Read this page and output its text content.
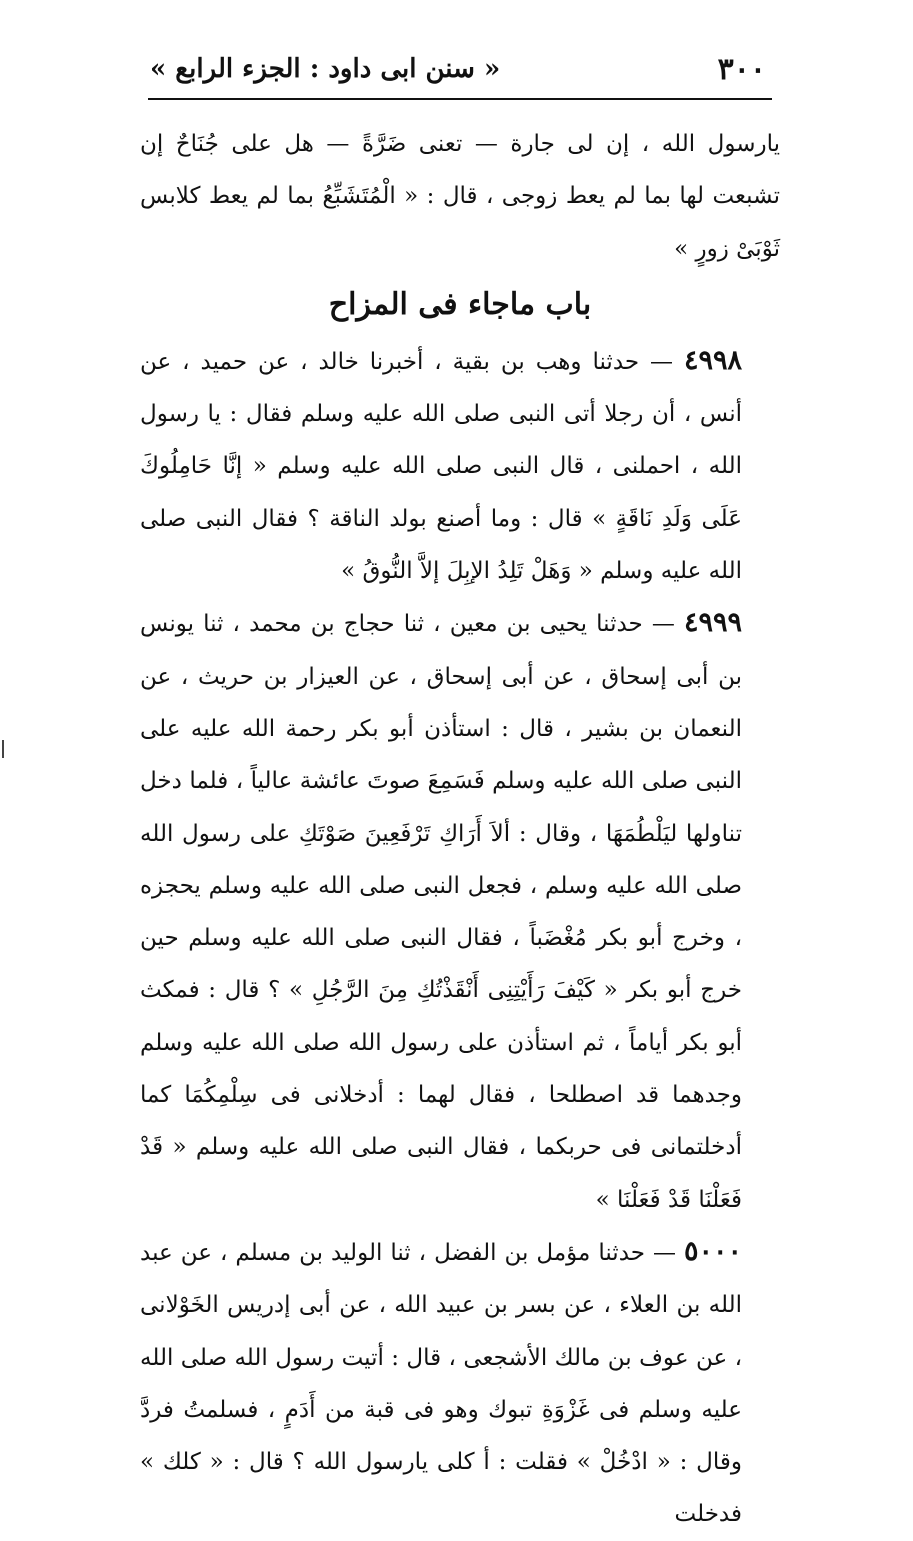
٣٠٠
« سنن ابى داود : الجزء الرابع »

يارسول الله ، إن لى جارة — تعنى ضَرَّةً — هل على جُنَاحٌ إن تشبعت لها بما لم يعط زوجى ، قال : « الْمُتَشَبِّعُ بما لم يعط كلابس ثَوْبَىْ زورٍ »

باب ماجاء فى المزاح

٤٩٩٨ — حدثنا وهب بن بقية ، أخبرنا خالد ، عن حميد ، عن أنس ، أن رجلا أتى النبى صلى الله عليه وسلم فقال : يا رسول الله ، احملنى ، قال النبى صلى الله عليه وسلم « إنَّا حَامِلُوكَ عَلَى وَلَدِ نَاقَةٍ » قال : وما أصنع بولد الناقة ؟ فقال النبى صلى الله عليه وسلم « وَهَلْ تَلِدُ الإبِلَ إلاَّ النُّوقُ »

٤٩٩٩ — حدثنا يحيى بن معين ، ثنا حجاج بن محمد ، ثنا يونس بن أبى إسحاق ، عن أبى إسحاق ، عن العيزار بن حريث ، عن النعمان بن بشير ، قال : استأذن أبو بكر رحمة الله عليه على النبى صلى الله عليه وسلم فَسَمِعَ صوتَ عائشة عالياً ، فلما دخل تناولها ليَلْطُمَهَا ، وقال : ألاَ أَرَاكِ تَرْفَعِينَ صَوْتَكِ على رسول الله صلى الله عليه وسلم ، فجعل النبى صلى الله عليه وسلم يحجزه ، وخرج أبو بكر مُغْضَباً ، فقال النبى صلى الله عليه وسلم حين خرج أبو بكر « كَيْفَ رَأَيْتِنِى أَنْقَذْتُكِ مِنَ الرَّجُلِ » ؟ قال : فمكث أبو بكر أياماً ، ثم استأذن على رسول الله صلى الله عليه وسلم وجدهما قد اصطلحا ، فقال لهما : أدخلانى فى سِلْمِكُمَا كما أدخلتمانى فى حربكما ، فقال النبى صلى الله عليه وسلم « قَدْ فَعَلْنَا قَدْ فَعَلْنَا »

٥٠٠٠ — حدثنا مؤمل بن الفضل ، ثنا الوليد بن مسلم ، عن عبد الله بن العلاء ، عن بسر بن عبيد الله ، عن أبى إدريس الخَوْلانى ، عن عوف بن مالك الأشجعى ، قال : أتيت رسول الله صلى الله عليه وسلم فى غَزْوَةِ تبوك وهو فى قبة من أَدَمٍ ، فسلمتُ فردَّ وقال : « ادْخُلْ » فقلت : أ كلى يارسول الله ؟ قال : « كلك » فدخلت
